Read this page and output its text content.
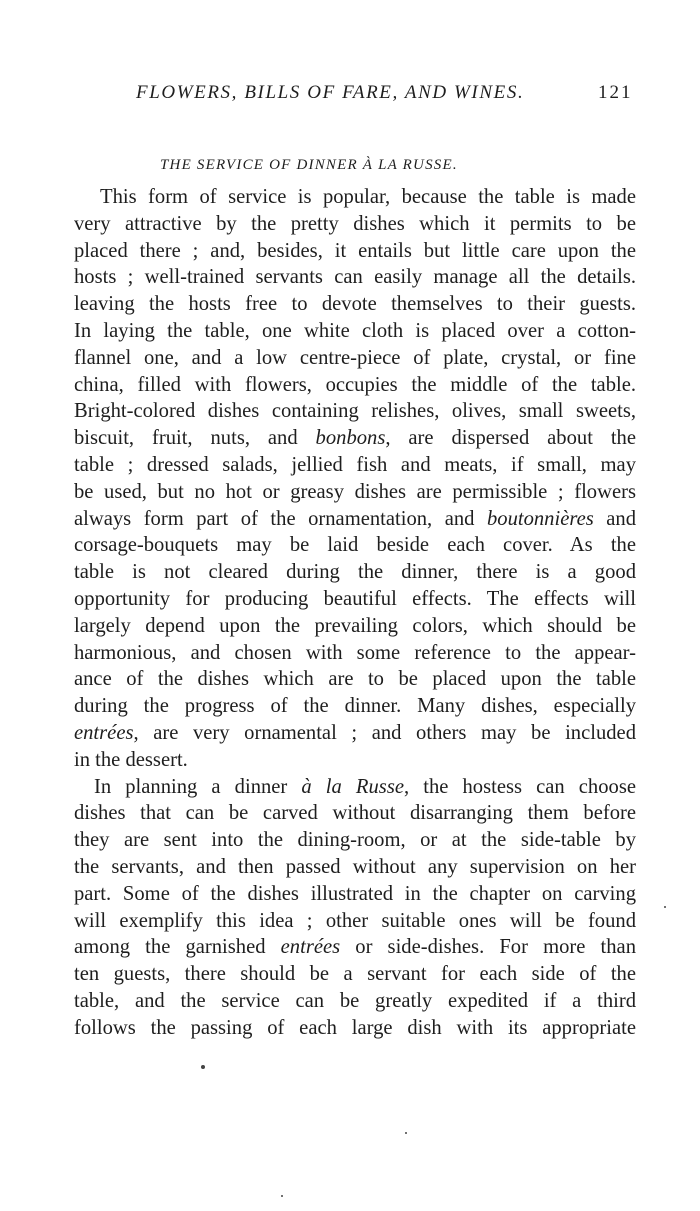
FLOWERS, BILLS OF FARE, AND WINES.	121
THE SERVICE OF DINNER À LA RUSSE.
This form of service is popular, because the table is made
very attractive by the pretty dishes which it permits to be
placed there ; and, besides, it entails but little care upon the
hosts ; well-trained servants can easily manage all the details.
leaving the hosts free to devote themselves to their guests.
In laying the table, one white cloth is placed over a cotton-
flannel one, and a low centre-piece of plate, crystal, or fine
china, filled with flowers, occupies the middle of the table.
Bright-colored dishes containing relishes, olives, small sweets,
biscuit, fruit, nuts, and bonbons, are dispersed about the
table ; dressed salads, jellied fish and meats, if small, may
be used, but no hot or greasy dishes are permissible ; flowers
always form part of the ornamentation, and boutonnières and
corsage-bouquets may be laid beside each cover. As the
table is not cleared during the dinner, there is a good
opportunity for producing beautiful effects. The effects will
largely depend upon the prevailing colors, which should be
harmonious, and chosen with some reference to the appear-
ance of the dishes which are to be placed upon the table
during the progress of the dinner. Many dishes, especially
entrées, are very ornamental ; and others may be included
in the dessert.
In planning a dinner à la Russe, the hostess can choose
dishes that can be carved without disarranging them before
they are sent into the dining-room, or at the side-table by
the servants, and then passed without any supervision on her
part. Some of the dishes illustrated in the chapter on carving
will exemplify this idea ; other suitable ones will be found
among the garnished entrées or side-dishes. For more than
ten guests, there should be a servant for each side of the
table, and the service can be greatly expedited if a third
follows the passing of each large dish with its appropriate
